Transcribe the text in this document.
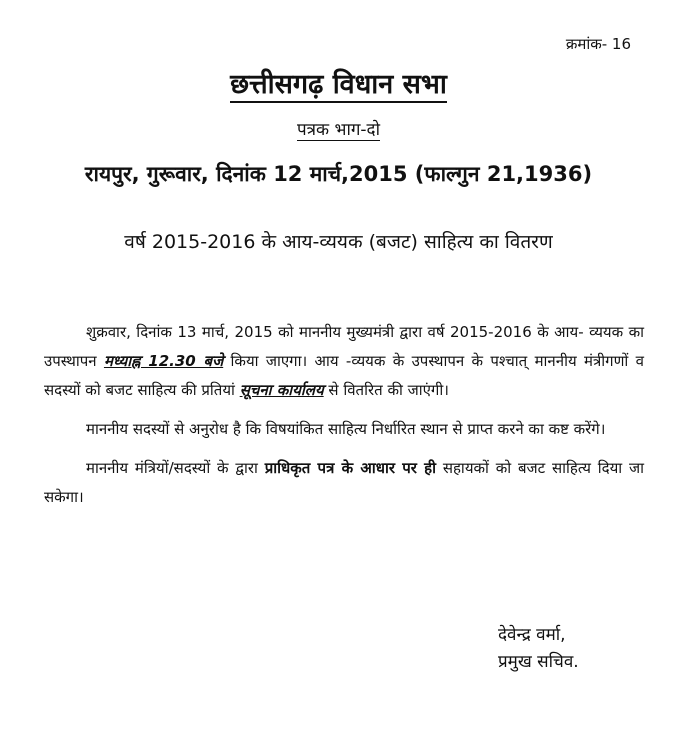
क्रमांक- 16
छत्तीसगढ़ विधान सभा
पत्रक भाग-दो
रायपुर, गुरूवार, दिनांक 12 मार्च,2015 (फाल्गुन 21,1936)
वर्ष 2015-2016 के आय-व्ययक (बजट) साहित्य का वितरण

शुक्रवार, दिनांक 13 मार्च, 2015 को माननीय मुख्यमंत्री द्वारा वर्ष 2015-2016 के आय- व्ययक का उपस्थापन मध्याह्न 12.30 बजे किया जाएगा। आय -व्ययक के उपस्थापन के पश्चात् माननीय मंत्रीगणों व सदस्यों को बजट साहित्य की प्रतियां सूचना कार्यालय से वितरित की जाएंगी।

माननीय सदस्यों से अनुरोध है कि विषयांकित साहित्य निर्धारित स्थान से प्राप्त करने का कष्ट करेंगे।

माननीय मंत्रियों/सदस्यों के द्वारा प्राधिकृत पत्र के आधार पर ही सहायकों को बजट साहित्य दिया जा सकेगा।

देवेन्द्र वर्मा,
प्रमुख सचिव.
